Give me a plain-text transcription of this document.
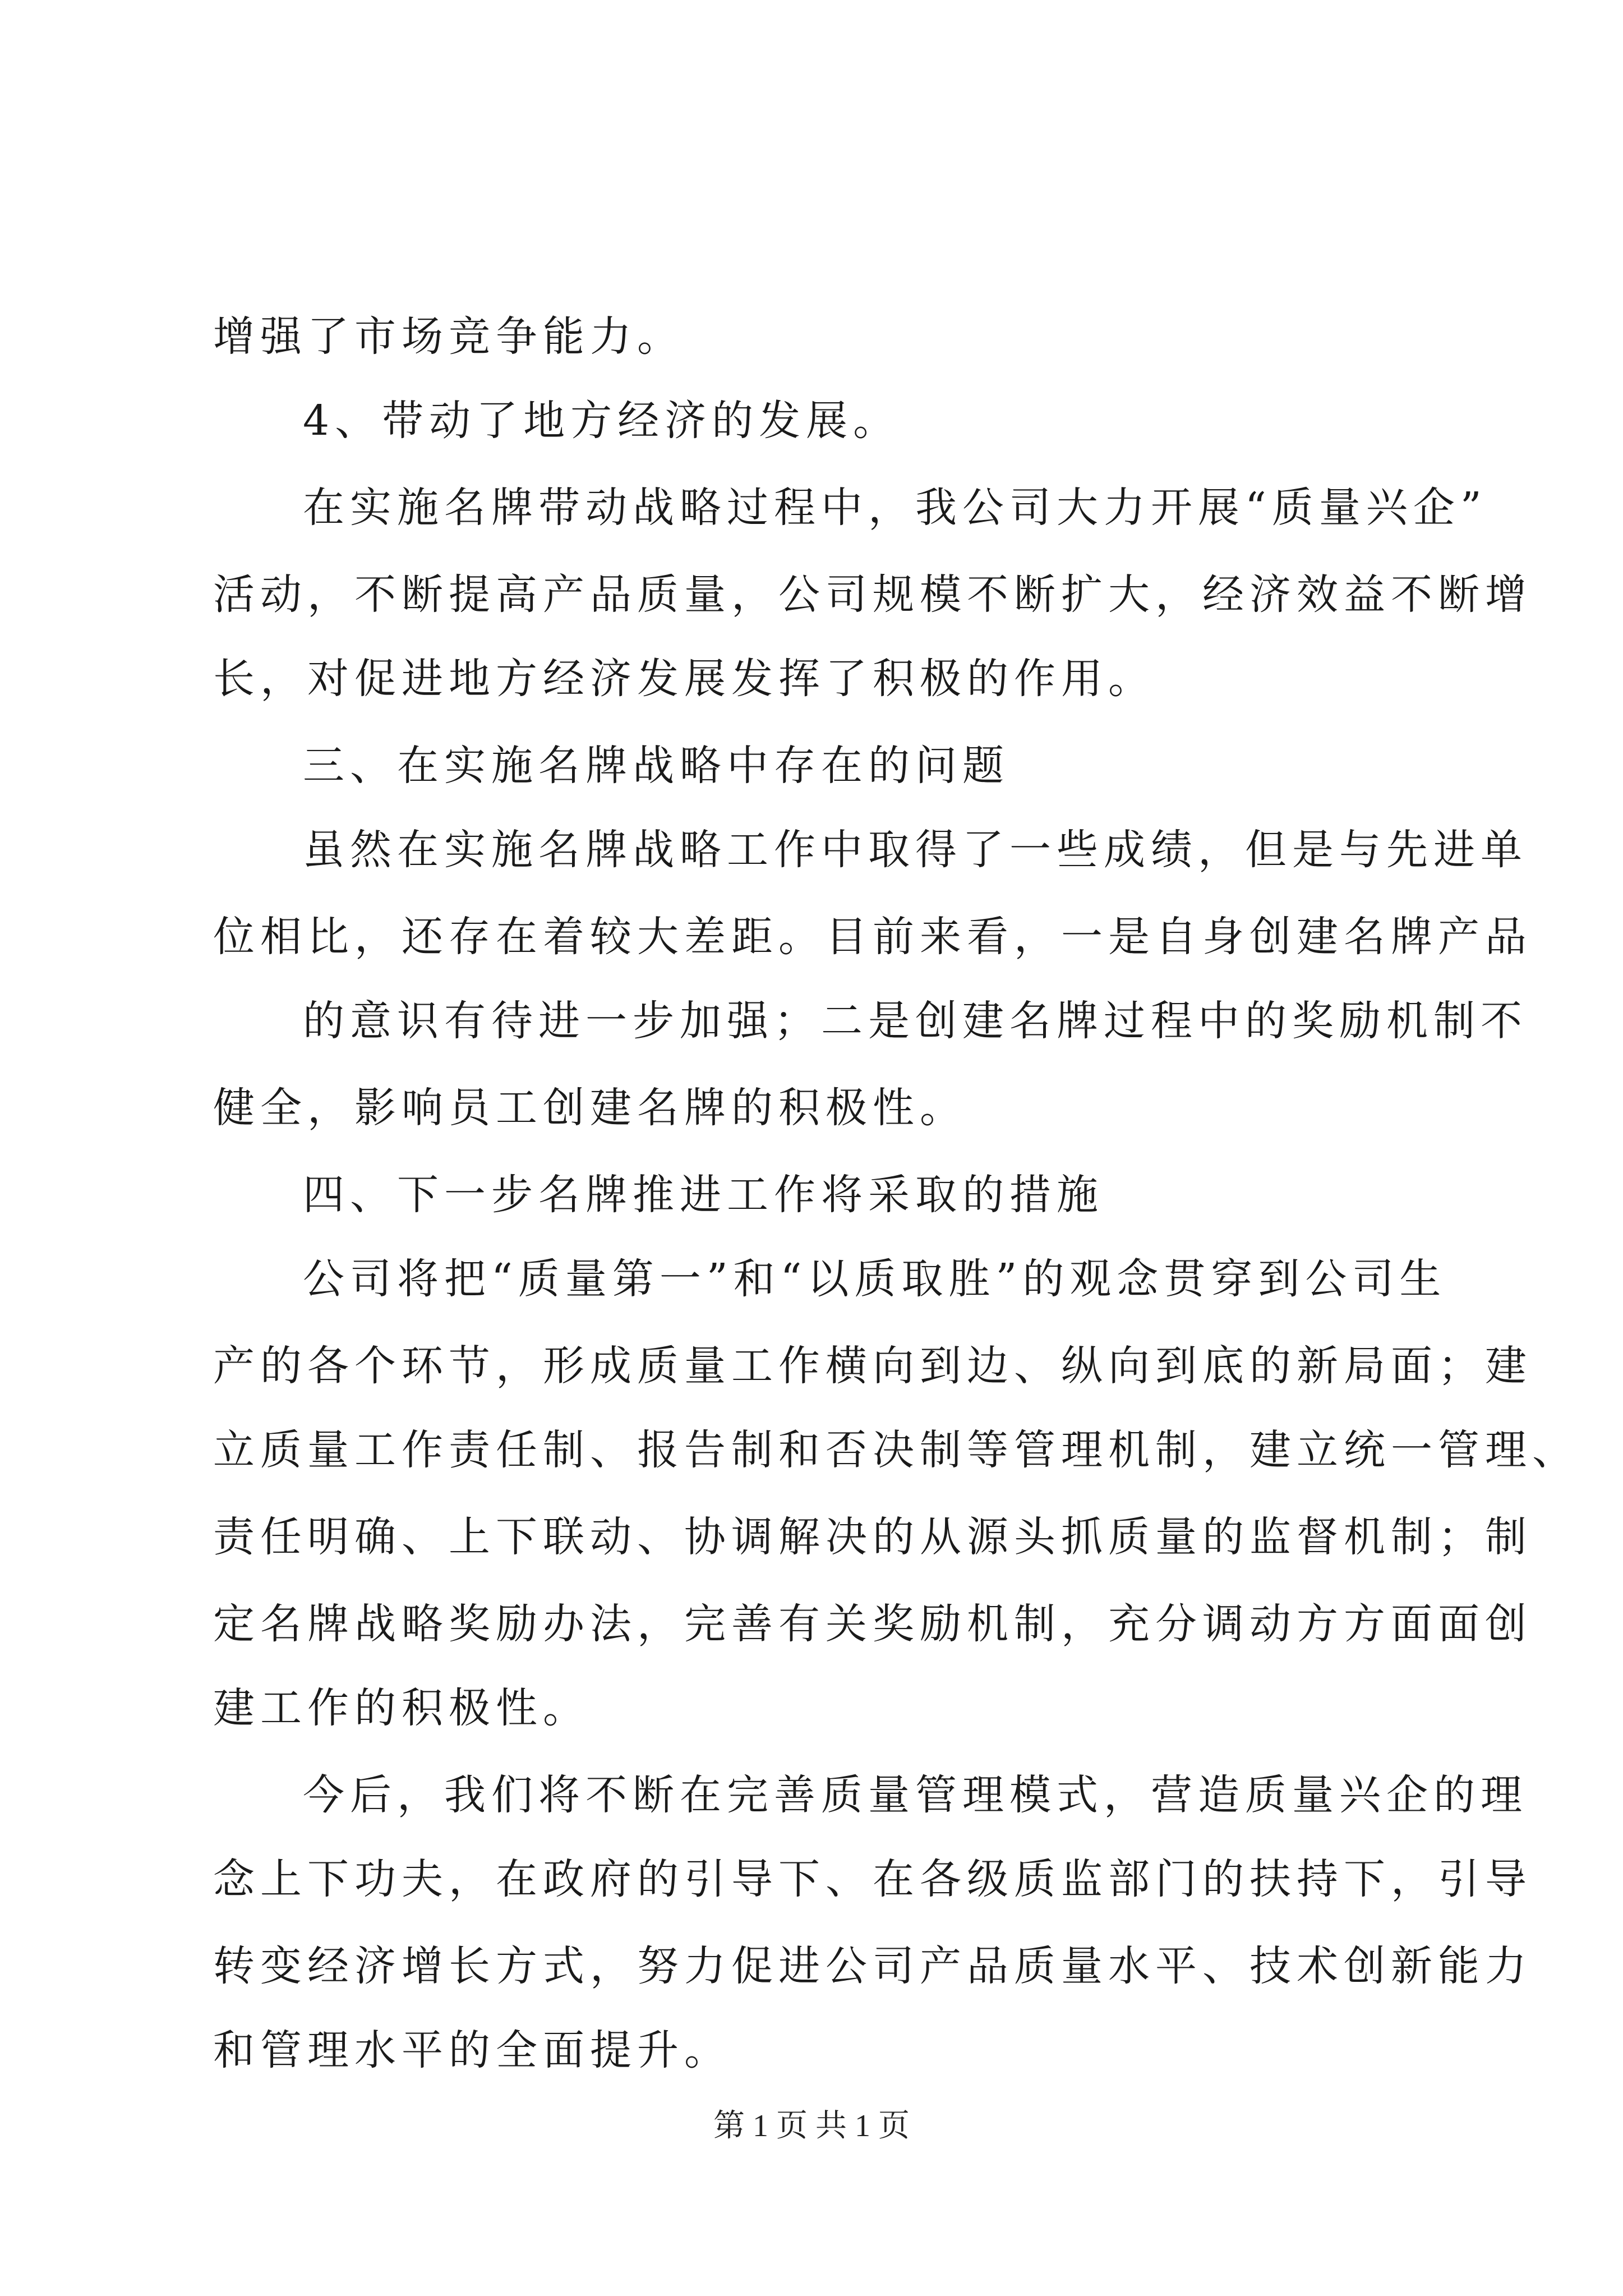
增强了市场竞争能力。
4、带动了地方经济的发展。
在实施名牌带动战略过程中，我公司大力开展“质量兴企”
活动，不断提高产品质量，公司规模不断扩大，经济效益不断增
长，对促进地方经济发展发挥了积极的作用。
三、在实施名牌战略中存在的问题
虽然在实施名牌战略工作中取得了一些成绩，但是与先进单
位相比，还存在着较大差距。目前来看，一是自身创建名牌产品
的意识有待进一步加强；二是创建名牌过程中的奖励机制不
健全，影响员工创建名牌的积极性。
四、下一步名牌推进工作将采取的措施
公司将把“质量第一”和“以质取胜”的观念贯穿到公司生
产的各个环节，形成质量工作横向到边、纵向到底的新局面；建
立质量工作责任制、报告制和否决制等管理机制，建立统一管理、
责任明确、上下联动、协调解决的从源头抓质量的监督机制；制
定名牌战略奖励办法，完善有关奖励机制，充分调动方方面面创
建工作的积极性。
今后，我们将不断在完善质量管理模式，营造质量兴企的理
念上下功夫，在政府的引导下、在各级质监部门的扶持下，引导
转变经济增长方式，努力促进公司产品质量水平、技术创新能力
和管理水平的全面提升。
第 1 页 共 1 页
